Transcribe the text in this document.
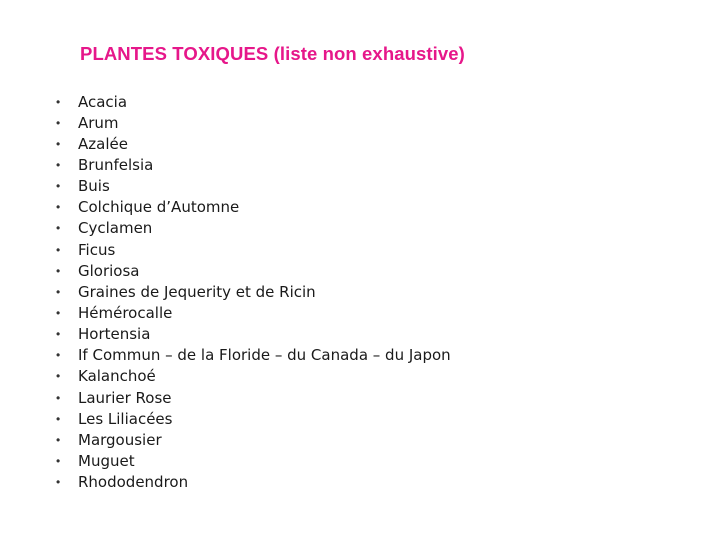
PLANTES TOXIQUES (liste non exhaustive)
•	Acacia
•	Arum
•	Azalée
•	Brunfelsia
•	Buis
•	Colchique d’Automne
•	Cyclamen
•	Ficus
•	Gloriosa
•	Graines de Jequerity et de Ricin
•	Hémérocalle
•	Hortensia
•	If Commun – de la Floride – du Canada – du Japon
•	Kalanchoé
•	Laurier Rose
•	Les Liliacées
•	Margousier
•	Muguet
•	Rhododendron
